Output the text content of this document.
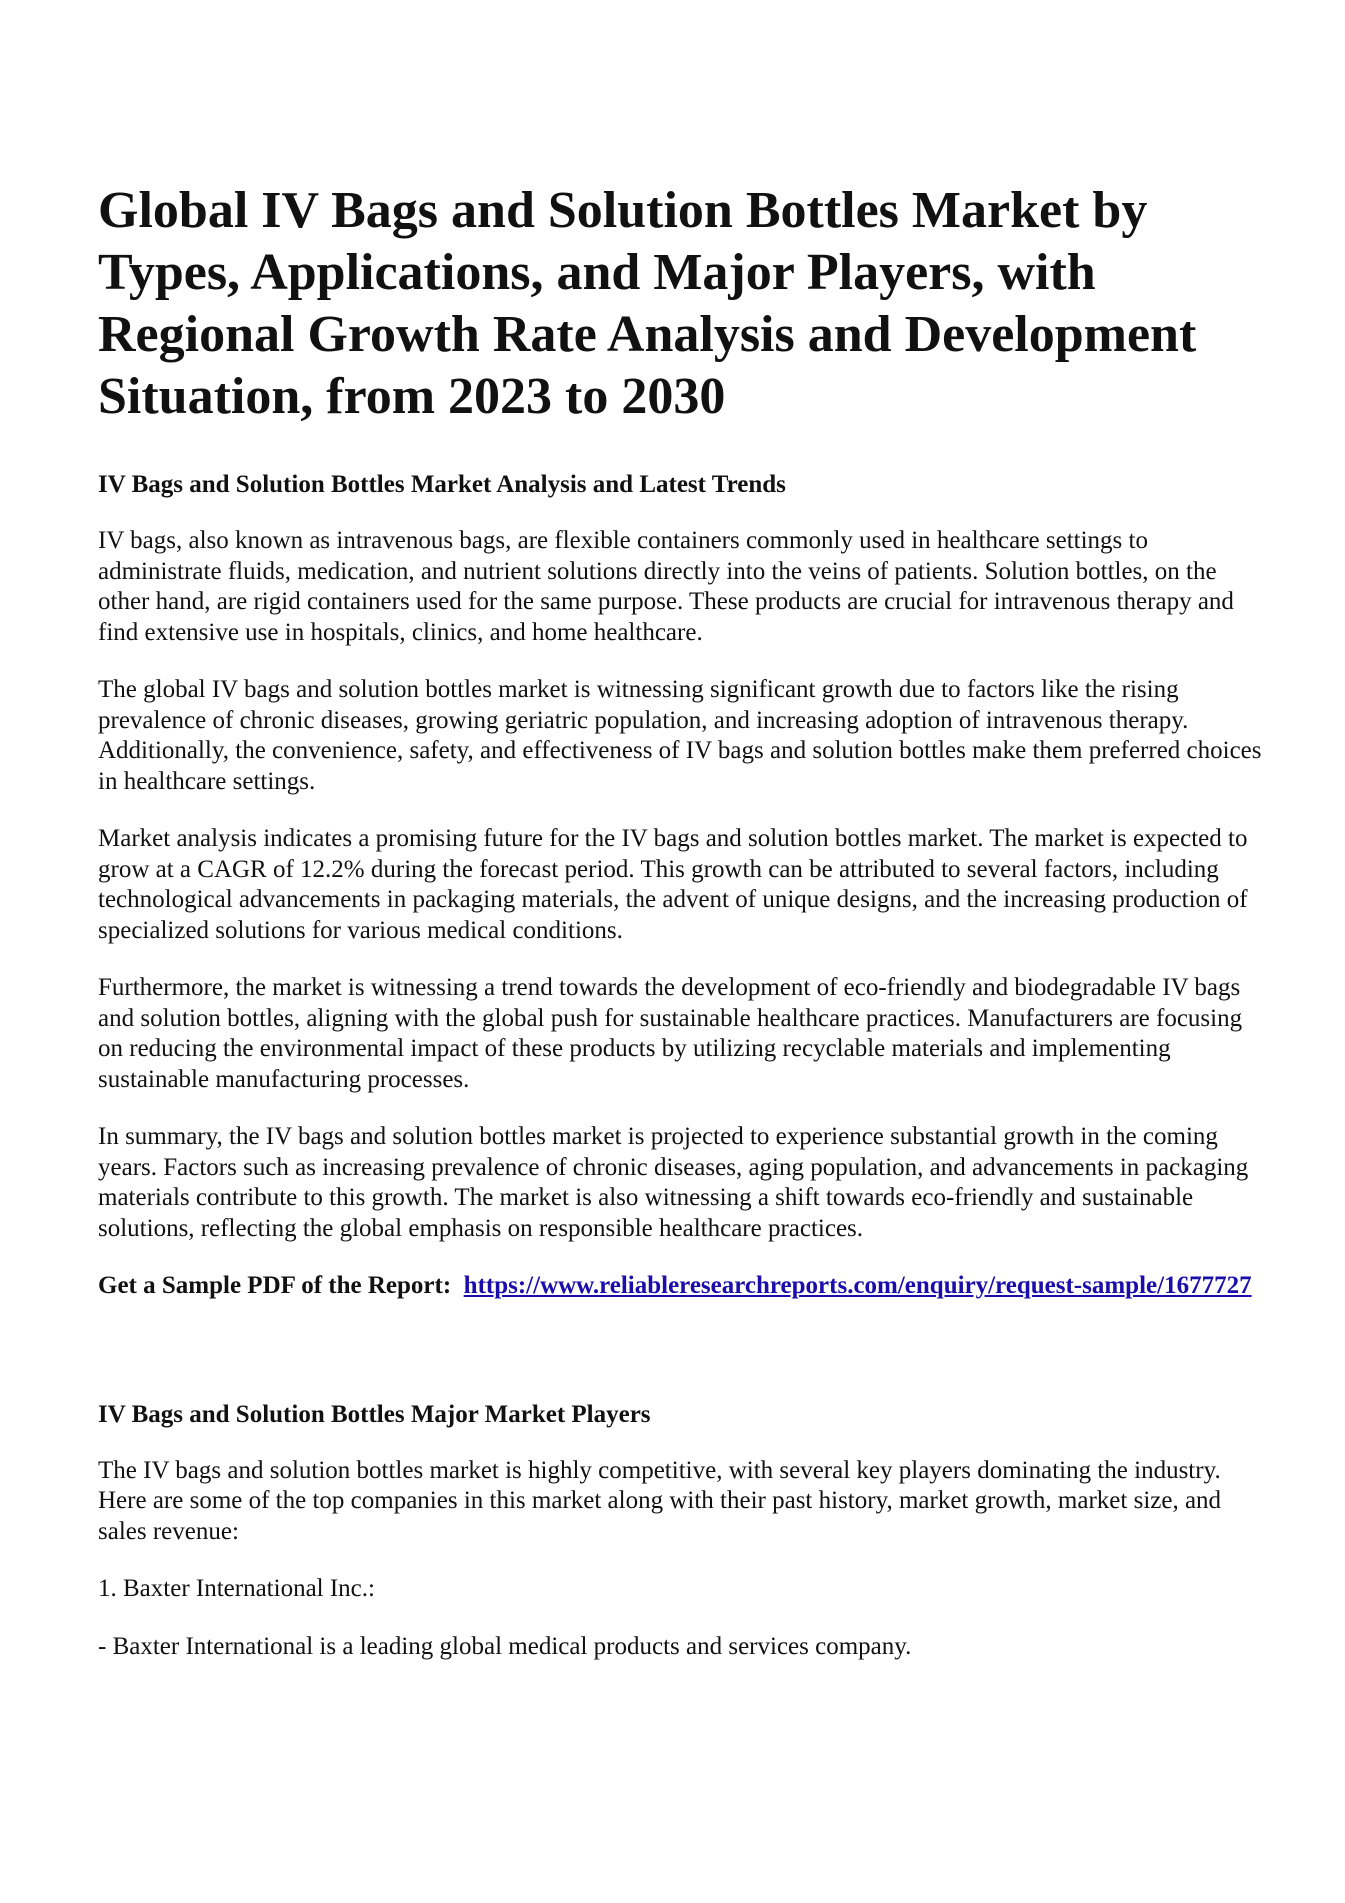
Global IV Bags and Solution Bottles Market by Types, Applications, and Major Players, with Regional Growth Rate Analysis and Development Situation, from 2023 to 2030
IV Bags and Solution Bottles Market Analysis and Latest Trends

IV bags, also known as intravenous bags, are flexible containers commonly used in healthcare settings to administrate fluids, medication, and nutrient solutions directly into the veins of patients. Solution bottles, on the other hand, are rigid containers used for the same purpose. These products are crucial for intravenous therapy and find extensive use in hospitals, clinics, and home healthcare.

The global IV bags and solution bottles market is witnessing significant growth due to factors like the rising prevalence of chronic diseases, growing geriatric population, and increasing adoption of intravenous therapy. Additionally, the convenience, safety, and effectiveness of IV bags and solution bottles make them preferred choices in healthcare settings.

Market analysis indicates a promising future for the IV bags and solution bottles market. The market is expected to grow at a CAGR of 12.2% during the forecast period. This growth can be attributed to several factors, including technological advancements in packaging materials, the advent of unique designs, and the increasing production of specialized solutions for various medical conditions.

Furthermore, the market is witnessing a trend towards the development of eco-friendly and biodegradable IV bags and solution bottles, aligning with the global push for sustainable healthcare practices. Manufacturers are focusing on reducing the environmental impact of these products by utilizing recyclable materials and implementing sustainable manufacturing processes.

In summary, the IV bags and solution bottles market is projected to experience substantial growth in the coming years. Factors such as increasing prevalence of chronic diseases, aging population, and advancements in packaging materials contribute to this growth. The market is also witnessing a shift towards eco-friendly and sustainable solutions, reflecting the global emphasis on responsible healthcare practices.

Get a Sample PDF of the Report: https://www.reliableresearchreports.com/enquiry/request-sample/1677727
IV Bags and Solution Bottles Major Market Players

The IV bags and solution bottles market is highly competitive, with several key players dominating the industry. Here are some of the top companies in this market along with their past history, market growth, market size, and sales revenue:

1. Baxter International Inc.:

- Baxter International is a leading global medical products and services company.
